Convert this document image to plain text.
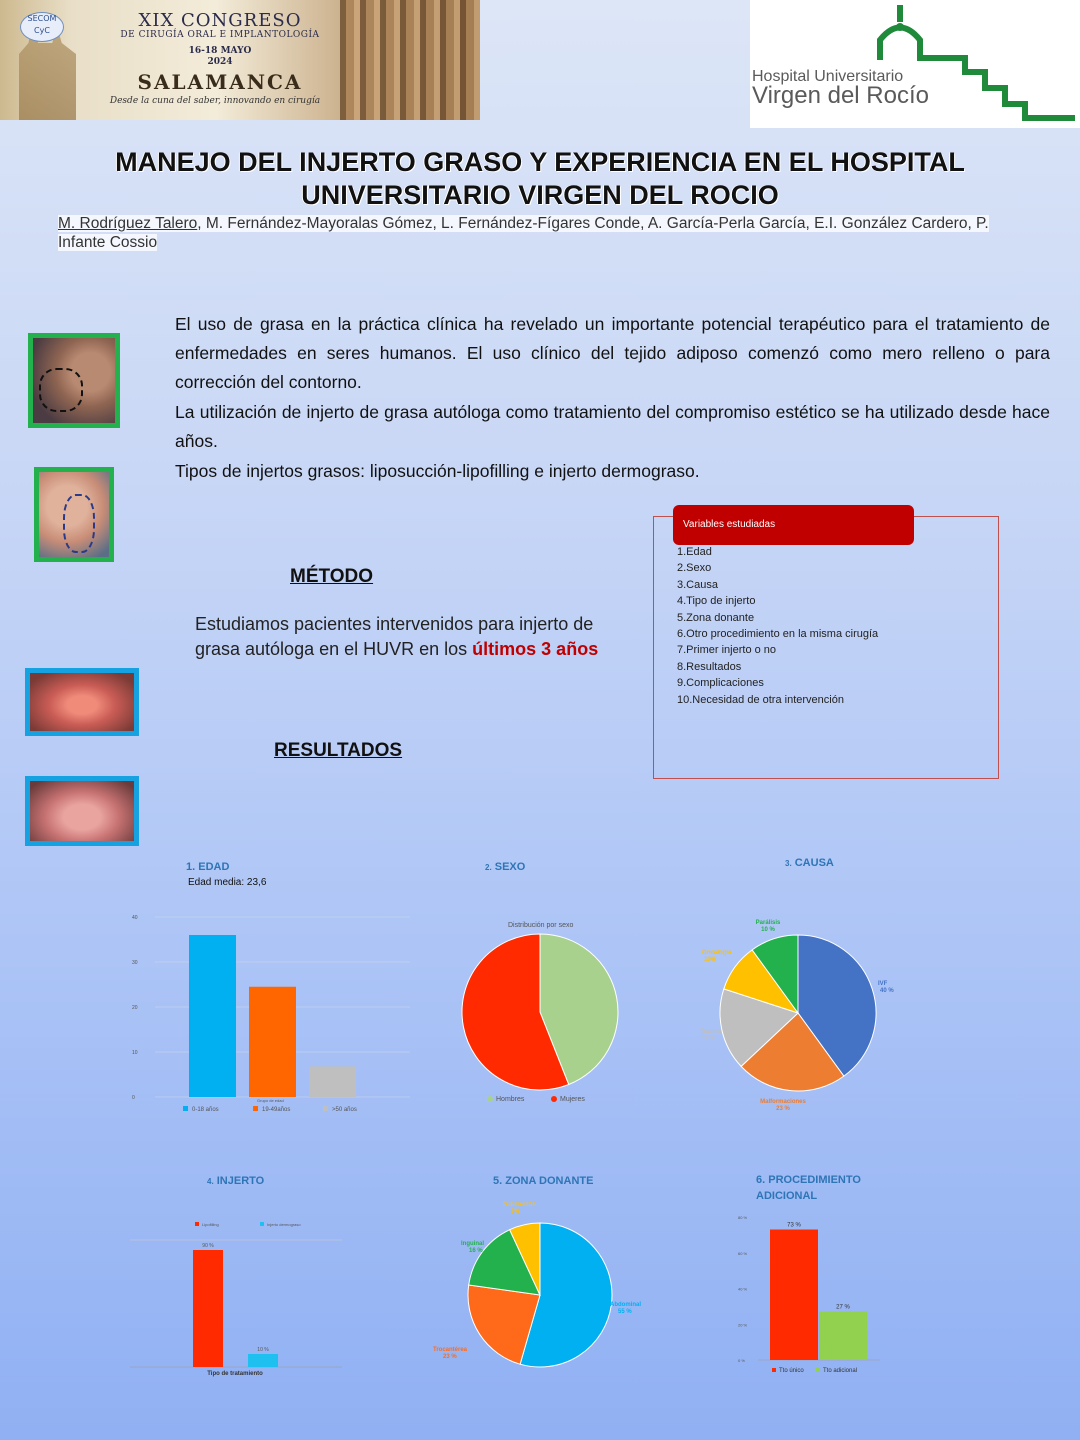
SECOM CyC	XIX CONGRESO
DE CIRUGÍA ORAL E IMPLANTOLOGÍA
16-18 MAYO
2024
SALAMANCA
Desde la cuna del saber, innovando en cirugía
Hospital Universitario
Virgen del Rocío
MANEJO DEL INJERTO GRASO Y EXPERIENCIA EN EL HOSPITAL UNIVERSITARIO VIRGEN DEL ROCIO
M. Rodríguez Talero, M. Fernández-Mayoralas Gómez, L. Fernández-Fígares Conde, A. García-Perla García, E.I. González Cardero, P. Infante Cossio

El uso de grasa en la práctica clínica ha revelado un importante potencial terapéutico para el tratamiento de enfermedades en seres humanos. El uso clínico del tejido adiposo comenzó como mero relleno o para corrección del contorno.

La utilización de injerto de grasa autóloga como tratamiento del compromiso estético se ha utilizado desde hace años.

Tipos de injertos grasos: liposucción-lipofilling e injerto dermograso.

MÉTODO
Estudiamos pacientes intervenidos para injerto de grasa autóloga en el HUVR en los últimos 3 años
RESULTADOS
Variables estudiadas
1.Edad
2.Sexo
3.Causa
4.Tipo de injerto
5.Zona donante
6.Otro procedimiento en la misma cirugía
7.Primer injerto o no
8.Resultados
9.Complicaciones
10.Necesidad de otra intervención
1. EDAD
Edad media: 23,6
2. SEXO	3. CAUSA
4. INJERTO	5. ZONA DONANTE	6. PROCEDIMIENTO
ADICIONAL
0
10
20
30
40
Grupo de edad
0-18 años	19-49años	>50 años
Distribución por sexo
Hombres	Mujeres
IVF
40 %
Malformaciones
23 %
Trauma
17 %
Oncología
10%
Parálisis
10 %
90 %
10 %
Lipofilling	Injerto dermograso
Tipo de tratamiento
Abdominal
55 %
Trocantérea
23 %
Inguinal
16 %
Submentón
7%
0 %
20 %
40 %
60 %
80 %
73 %
27 %
Tto único	Tto adicional
